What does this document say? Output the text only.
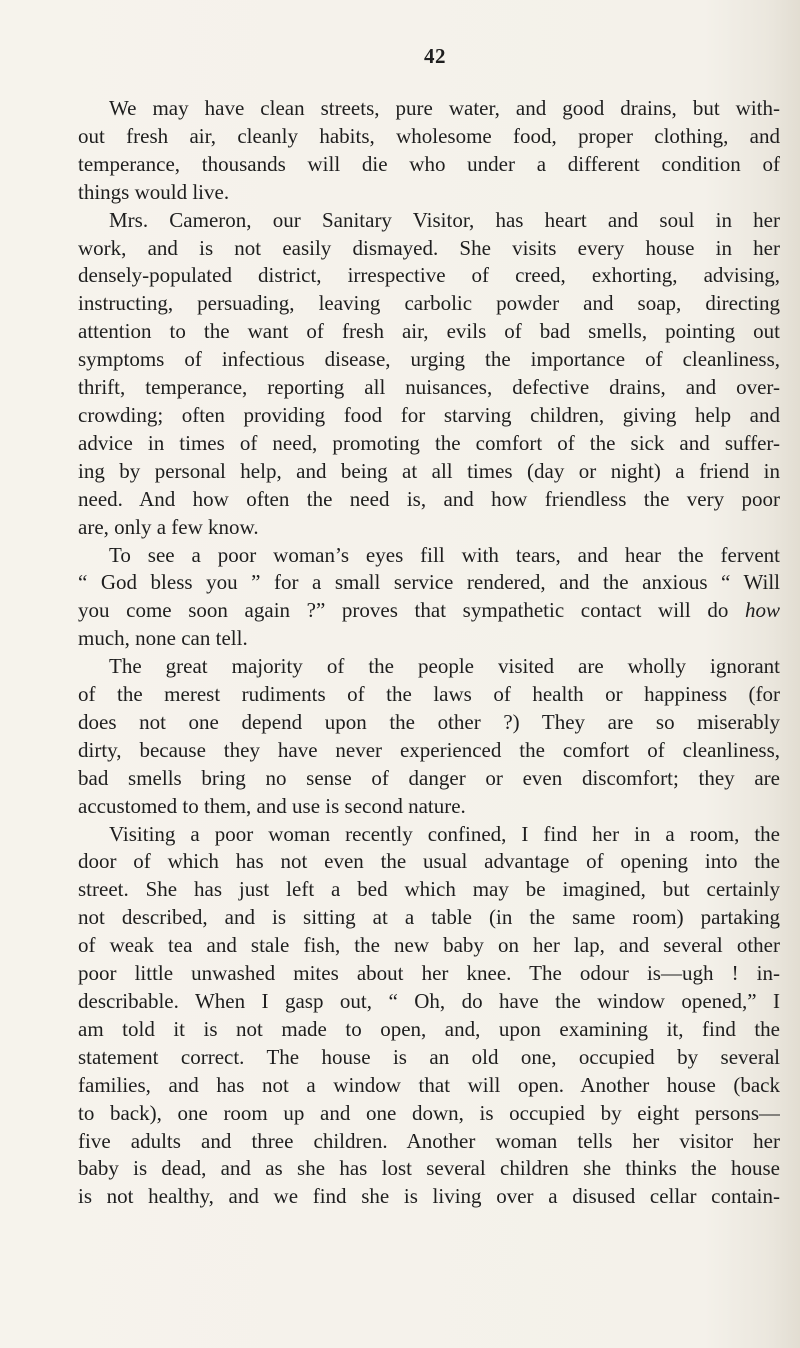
42
We may have clean streets, pure water, and good drains, but with-
out fresh air, cleanly habits, wholesome food, proper clothing, and
temperance, thousands will die who under a different condition of
things would live.
Mrs. Cameron, our Sanitary Visitor, has heart and soul in her
work, and is not easily dismayed. She visits every house in her
densely-populated district, irrespective of creed, exhorting, advising,
instructing, persuading, leaving carbolic powder and soap, directing
attention to the want of fresh air, evils of bad smells, pointing out
symptoms of infectious disease, urging the importance of cleanliness,
thrift, temperance, reporting all nuisances, defective drains, and over-
crowding; often providing food for starving children, giving help and
advice in times of need, promoting the comfort of the sick and suffer-
ing by personal help, and being at all times (day or night) a friend in
need. And how often the need is, and how friendless the very poor
are, only a few know.
To see a poor woman’s eyes fill with tears, and hear the fervent
“ God bless you ” for a small service rendered, and the anxious “ Will
you come soon again ?” proves that sympathetic contact will do how
much, none can tell.
The great majority of the people visited are wholly ignorant
of the merest rudiments of the laws of health or happiness (for
does not one depend upon the other ?) They are so miserably
dirty, because they have never experienced the comfort of cleanliness,
bad smells bring no sense of danger or even discomfort; they are
accustomed to them, and use is second nature.
Visiting a poor woman recently confined, I find her in a room, the
door of which has not even the usual advantage of opening into the
street. She has just left a bed which may be imagined, but certainly
not described, and is sitting at a table (in the same room) partaking
of weak tea and stale fish, the new baby on her lap, and several other
poor little unwashed mites about her knee. The odour is—ugh ! in-
describable. When I gasp out, “ Oh, do have the window opened,” I
am told it is not made to open, and, upon examining it, find the
statement correct. The house is an old one, occupied by several
families, and has not a window that will open. Another house (back
to back), one room up and one down, is occupied by eight persons—
five adults and three children. Another woman tells her visitor her
baby is dead, and as she has lost several children she thinks the house
is not healthy, and we find she is living over a disused cellar contain-
